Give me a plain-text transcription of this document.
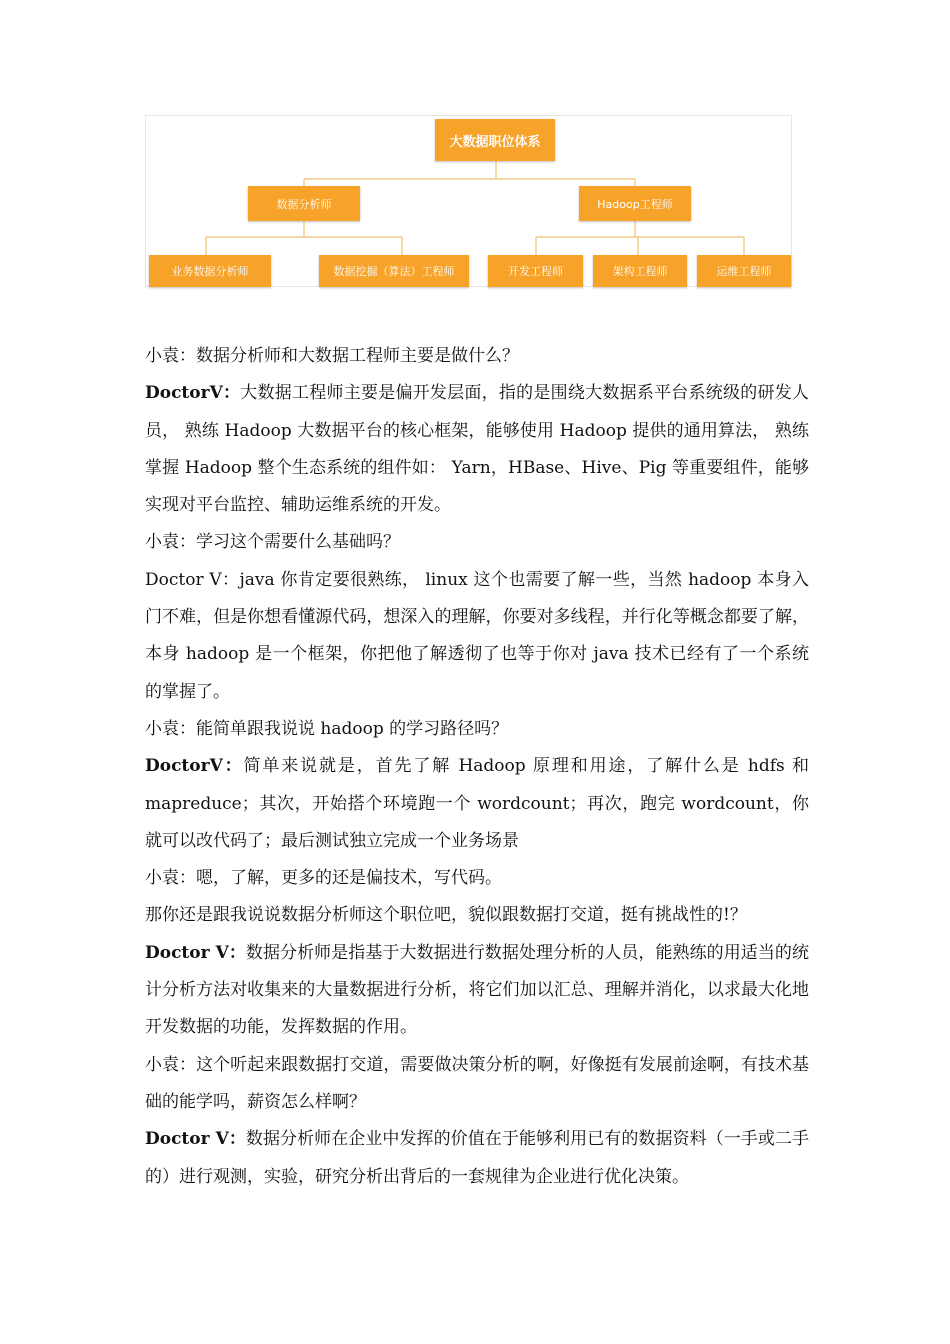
大数据职位体系
数据分析师	Hadoop工程师
业务数据分析师	数据挖掘（算法）工程师	开发工程师	架构工程师	运维工程师

小袁：数据分析师和大数据工程师主要是做什么？

DoctorV：大数据工程师主要是偏开发层面，指的是围绕大数据系平台系统级的研发人员， 熟练 Hadoop 大数据平台的核心框架，能够使用 Hadoop 提供的通用算法， 熟练掌握 Hadoop 整个生态系统的组件如： Yarn，HBase、Hive、Pig 等重要组件，能够实现对平台监控、辅助运维系统的开发。

小袁：学习这个需要什么基础吗？

Doctor V：java 你肯定要很熟练， linux 这个也需要了解一些，当然 hadoop 本身入门不难，但是你想看懂源代码，想深入的理解，你要对多线程，并行化等概念都要了解，本身 hadoop 是一个框架，你把他了解透彻了也等于你对 java 技术已经有了一个系统的掌握了。

小袁：能简单跟我说说 hadoop 的学习路径吗？

DoctorV：简单来说就是，首先了解 Hadoop 原理和用途，了解什么是 hdfs 和 mapreduce；其次，开始搭个环境跑一个 wordcount；再次，跑完 wordcount，你就可以改代码了；最后测试独立完成一个业务场景

小袁：嗯，了解，更多的还是偏技术，写代码。

那你还是跟我说说数据分析师这个职位吧，貌似跟数据打交道，挺有挑战性的!？

Doctor V：数据分析师是指基于大数据进行数据处理分析的人员，能熟练的用适当的统计分析方法对收集来的大量数据进行分析，将它们加以汇总、理解并消化，以求最大化地开发数据的功能，发挥数据的作用。

小袁：这个听起来跟数据打交道，需要做决策分析的啊，好像挺有发展前途啊，有技术基础的能学吗，薪资怎么样啊？

Doctor V：数据分析师在企业中发挥的价值在于能够利用已有的数据资料（一手或二手的）进行观测，实验，研究分析出背后的一套规律为企业进行优化决策。
